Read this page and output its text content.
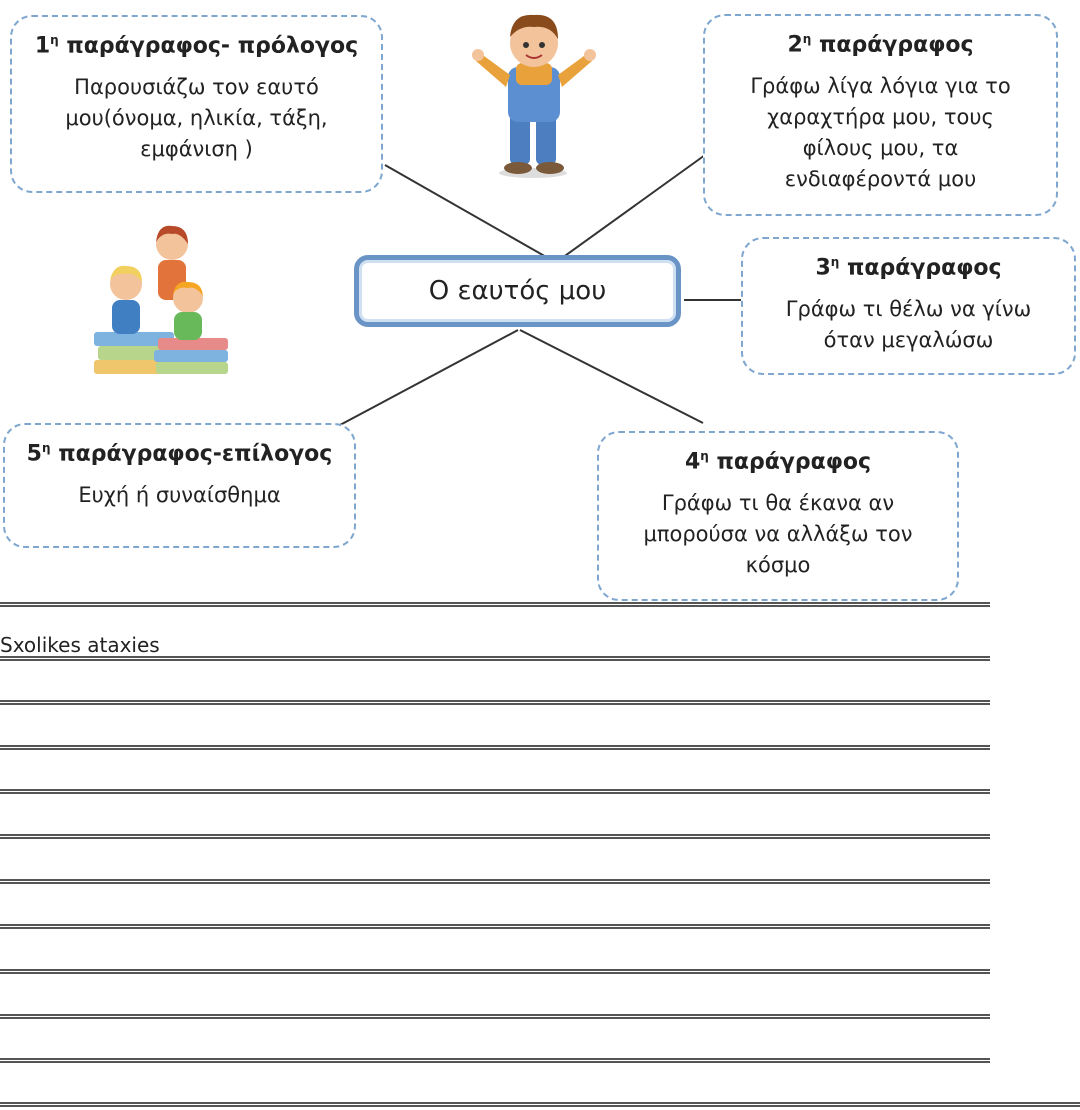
$1^\eta$ παράγραφος- πρόλογος
Παρουσιάζω τον εαυτό
μου(όνομα, ηλικία, τάξη,
εμφάνιση )
$2^\eta$ παράγραφος
Γράφω λίγα λόγια για το
χαραχτήρα μου, τους
φίλους μου, τα
ενδιαφέροντά μου
$3^\eta$ παράγραφος
Γράφω τι θέλω να γίνω
όταν μεγαλώσω
$4^\eta$ παράγραφος
Γράφω τι θα έκανα αν
μπορούσα να αλλάξω τον
κόσμο
$5^\eta$ παράγραφος-επίλογος
Ευχή ή συναίσθημα
Ο εαυτός μου
Sxolikes ataxies
